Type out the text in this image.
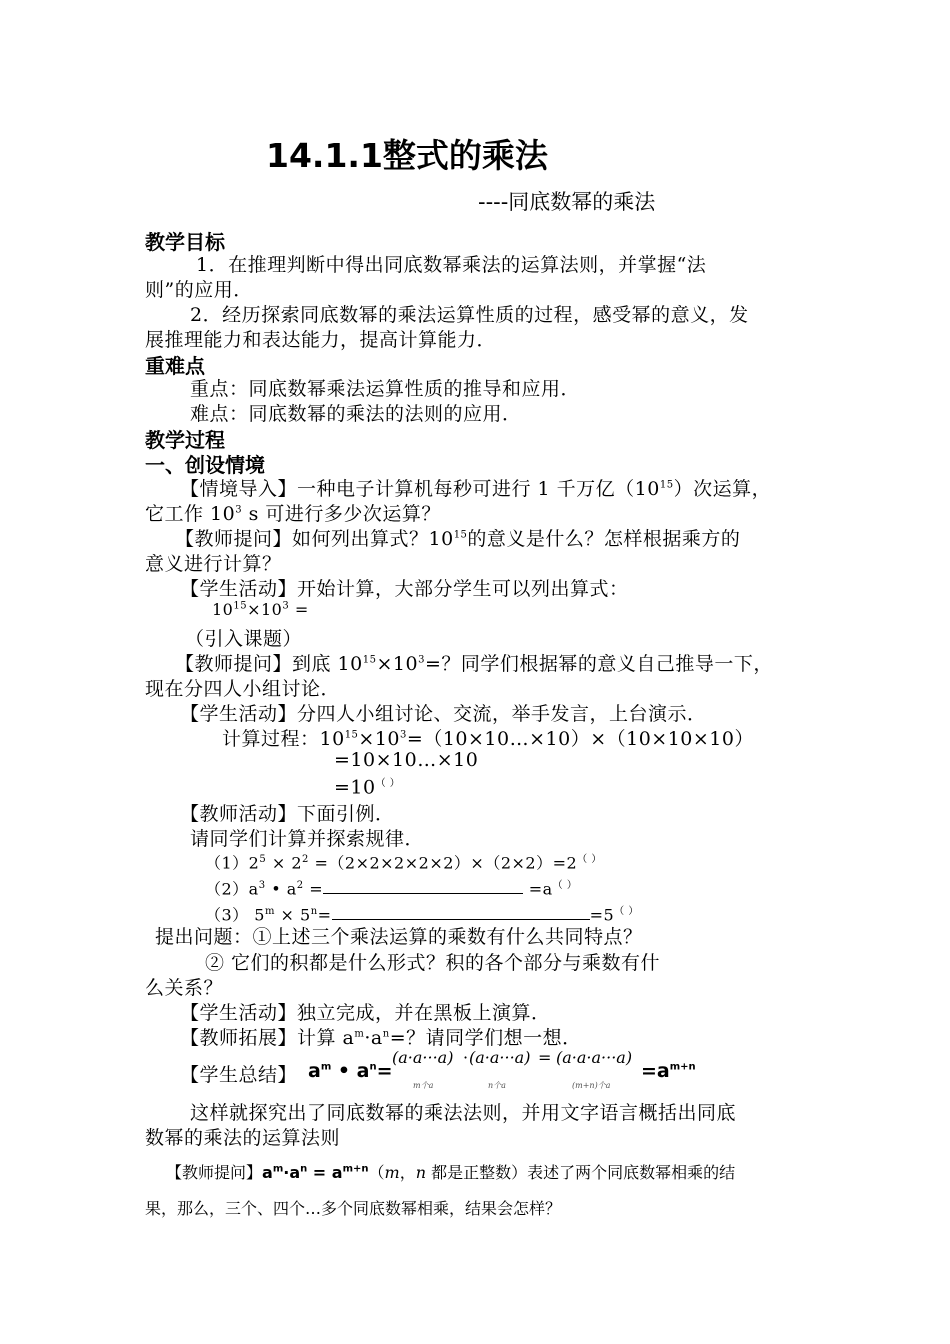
14.1.1整式的乘法
----同底数幂的乘法
教学目标
1．在推理判断中得出同底数幂乘法的运算法则，并掌握“法
则”的应用．
2．经历探索同底数幂的乘法运算性质的过程，感受幂的意义，发
展推理能力和表达能力，提高计算能力．
重难点
重点：同底数幂乘法运算性质的推导和应用．
难点：同底数幂的乘法的法则的应用．
教学过程
一、创设情境
【情境导入】一种电子计算机每秒可进行 1 千万亿$(10^{15})$次运算，
它工作 $10^3$ s 可进行多少次运算？
【教师提问】如何列出算式？$10^{15}$的意义是什么？怎样根据乘方的
意义进行计算？
【学生活动】开始计算，大部分学生可以列出算式：
$10^{15}\times 10^3$ =
（引入课题）
【教师提问】到底 $10^{15}\times 10^3=$？同学们根据幂的意义自己推导一下，
现在分四人小组讨论．
【学生活动】分四人小组讨论、交流，举手发言，上台演示．
计算过程：$10^{15}\times 10^3=(10\times 10\dots\times 10)\times(10\times 10\times 10)$
=10×10…×10
=10（ ）
【教师活动】下面引例．
请同学们计算并探索规律．
$(1)2^5 \times 2^2 =(2\times 2\times 2\times 2\times 2)\times(2\times 2)=2^{( )}$
$(2)a^3$ • $a^2$ =	=a（ ）
（3） $5^m \times 5^n=$	=5（ ）
提出问题：①上述三个乘法运算的乘数有什么共同特点？
② 它们的积都是什么形式？积的各个部分与乘数有什
么关系？
【学生活动】独立完成，并在黑板上演算．
【教师拓展】计算 $a^m\cdot a^n=$？请同学们想一想．
【学生总结】 $a^m$ • $a^n=$
(a·a···a)
m个a
· (a·a···a)
n个a
= (a·a·a···a)
(m+n)个a
$=a^{m+n}$
这样就探究出了同底数幂的乘法法则，并用文字语言概括出同底
数幂的乘法的运算法则
【教师提问】$a^m\cdot a^n = a^{m+n}(m$，n 都是正整数）表述了两个同底数幂相乘的结
果，那么，三个、四个…多个同底数幂相乘，结果会怎样？
